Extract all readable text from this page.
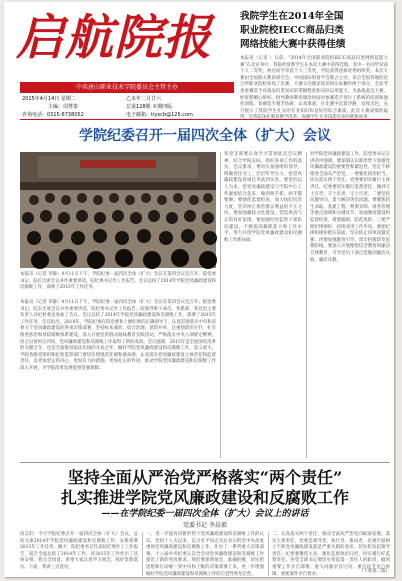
启航院报
中共唐山职业技术学院委员会主管主办
2015年4月14日 星期二
主编：周慧泰
咨询电话：0315-8738052
乙未年二月廿六
总第128期 本期四版
电子邮箱：tiyxcb@126.com
我院学生在2014年全国
职业院校IECC商品归类
网络技能大赛中获得佳绩
本报讯（记者 ）日前，“2014年全国职业院校IECC商品归类网络技能大赛”在北京举行。我院经贸系学生在本次大赛中获得佳绩，其中一名同学荣获个人二等奖，两名同学荣获个人三等奖，学院获得团体优秀组织奖。本次大赛由全国海关教育研究会、中国国际贸易学会联合主办，来自全国各地的近百所职业院校参加了比赛。大赛分为理论知识和实际操作两个部分，全面考查参赛选手对商品归类知识的掌握程度和实际运用能力。为备战此次大赛，经贸系精心组织，指导教师利用课余时间对参赛选手进行了系统的培训和强化训练。参赛选手刻苦钻研，认真准备，在比赛中沉着冷静，发挥出色，充分展示了我院学生扎实的专业知识和良好的综合素质。此次大赛成绩的取得，是我院深化教育教学改革、加强学生专业技能培养的重要成果。
学院纪委召开一届四次全体（扩大）会议
本报讯（记者 李静）4月11日下午，学院纪委一届四次全体（扩大）会议在第四会议室召开。院党委书记、院长出席会议并作重要讲话。院纪委书记作工作报告。会议总结了2014年学院党风廉政建设和反腐败工作，部署了2015年工作任务。
本报讯（记者 李静）4月11日下午，学院纪委一届四次全体（扩大）会议在第四会议室召开。院党委书记、院长出席会议并作重要讲话，院纪委书记作工作报告。院领导班子成员、各系部、各处室主要负责人及纪检委员参加了会议。会议总结了2014年学院党风廉政建设和反腐败工作，部署了2015年工作任务。会议指出，2014年，学院纪委在院党委和上级纪委的正确领导下，认真贯彻落实中央和省委关于党风廉政建设的各项决策部署，坚持标本兼治、综合治理、惩防并举、注重预防的方针，扎实推进惩治和预防腐败体系建设，深入开展党的群众路线教育实践活动，严格落实中央八项规定精神，持之以恒纠正四风，党风廉政建设和反腐败工作取得了新的成效。会议强调，2015年是全面深化改革的关键之年，也是全面推进依法治国的开局之年，做好学院党风廉政建设和反腐败工作，意义重大。学院各级党组织和纪检监察部门要切实增强责任感和使命感，认真落实党风廉政建设主体责任和监督责任，以更加坚定的决心、更加有力的措施、更加扎实的作风，推动学院党风廉政建设和反腐败工作深入开展，为学院改革发展提供坚强保障。
各党支部要认真学习贯彻此次会议精神，结合学院实际，抓好各项工作的落实。会议要求，要切实加强组织领导，明确责任分工，层层传导压力，把党风廉政建设各项任务落到实处。要坚持以人为本，把党风廉政建设与学院中心工作紧密结合起来，做到两手抓、两手都要硬。要强化监督检查，加大执纪问责力度，坚决纠正损害群众利益的不正之风。要加强廉政文化建设，营造风清气正的良好氛围。要加强纪检监察干部队伍建设，不断提高履职能力和工作水平，努力开创学院党风廉政建设和反腐败工作新局面。
对学院党风廉政建设工作，院党委书记在讲话中强调，要深刻认识新形势下加强党风廉政建设的重要性和紧迫性，坚定不移推进全面从严治党。一要强化政治担当，切实落实两个责任。党委要切实履行主体责任，纪委要切实履行监督责任，做到守土有责、守土负责、守土尽责。二要坚持问题导向，着力解决突出问题。要聚焦招生录取、基建工程、物资采购、财务管理等重点领域和关键环节，加强制度建设和监督检查，堵塞漏洞，防范风险。三要严明纪律规矩，持续改进工作作风。要把纪律和规矩挺在前面，坚决防止四风问题反弹。四要加强教育引导，筑牢拒腐防变思想防线。要深入开展理想信念教育和廉洁自律教育，引导党员干部自觉做到廉洁从政、廉洁从教。
坚持全面从严治党严格落实“两个责任”
扎实推进学院党风廉政建设和反腐败工作
——在学院纪委一届四次全体（扩大）会议上的讲话
党委书记 李晨毅
同志们：今天学院纪委召开一届四次全体（扩大）会议，总结交流2014年学院党风廉政建设和反腐败工作，安排部署2015年工作任务。刚才，院纪委书记代表院纪委作了工作报告，报告全面总结了2014年工作，对2015年工作作出了具体安排，我完全同意。希望大家认真学习领会，抓好贯彻落实。下面，我讲三点意见。
一、进一步提高对新形势下党风廉政建设和反腐败工作的认识。党的十八大以来，以习近平同志为总书记的党中央高度重视党风廉政建设和反腐败工作，作出了一系列重大决策部署。十八届中央纪委五次全会对党风廉政建设和反腐败工作提出了新的更高要求。我们要深刻领会，准确把握，切实把思想和行动统一到中央和上级的决策部署上来，进一步增强做好学院党风廉政建设和反腐败工作的自觉性和坚定性。
二、认真落实两个责任，推动全面从严治党向纵深发展。落实主体责任，党委是领导者、执行者、推动者，必须牢固树立不抓党风廉政建设就是严重失职的意识，切实担负起领导责任。纪委要聚焦主业，强化监督执纪问责，切实履行好监督责任。各党支部书记要切实担起第一责任人的职责，做到重要工作亲自部署、重大问题亲自过问、重点环节亲自协调、重要案件亲自督办。
（下转第二版）
